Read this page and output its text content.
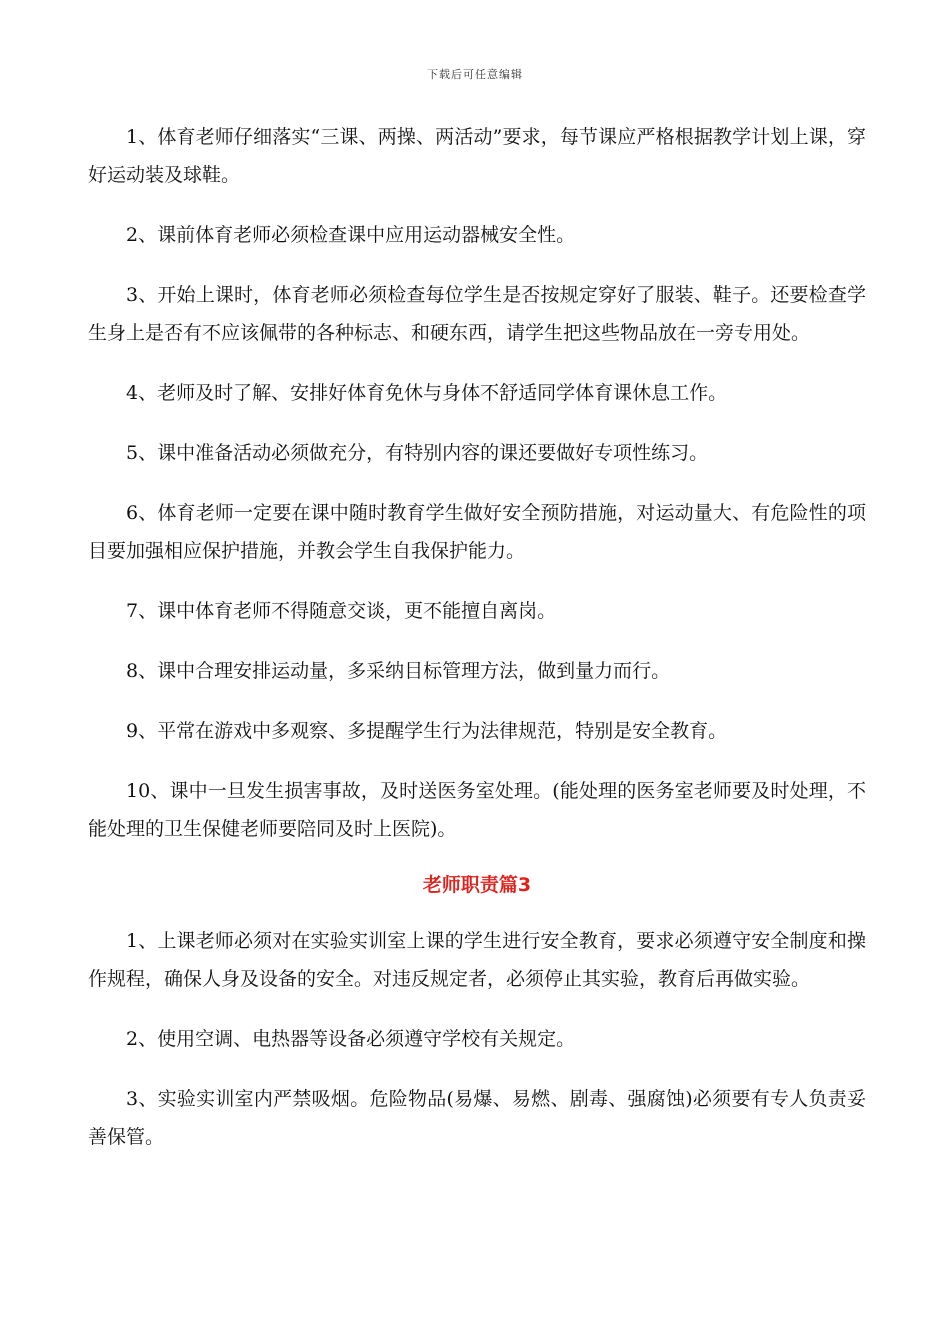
下载后可任意编辑

1、体育老师仔细落实“三课、两操、两活动”要求，每节课应严格根据教学计划上课，穿好运动装及球鞋。

2、课前体育老师必须检查课中应用运动器械安全性。

3、开始上课时，体育老师必须检查每位学生是否按规定穿好了服装、鞋子。还要检查学生身上是否有不应该佩带的各种标志、和硬东西，请学生把这些物品放在一旁专用处。

4、老师及时了解、安排好体育免休与身体不舒适同学体育课休息工作。

5、课中准备活动必须做充分，有特别内容的课还要做好专项性练习。

6、体育老师一定要在课中随时教育学生做好安全预防措施，对运动量大、有危险性的项目要加强相应保护措施，并教会学生自我保护能力。

7、课中体育老师不得随意交谈，更不能擅自离岗。

8、课中合理安排运动量，多采纳目标管理方法，做到量力而行。

9、平常在游戏中多观察、多提醒学生行为法律规范，特别是安全教育。

10、课中一旦发生损害事故，及时送医务室处理。(能处理的医务室老师要及时处理，不能处理的卫生保健老师要陪同及时上医院)。

老师职责篇3

1、上课老师必须对在实验实训室上课的学生进行安全教育，要求必须遵守安全制度和操作规程，确保人身及设备的安全。对违反规定者，必须停止其实验，教育后再做实验。

2、使用空调、电热器等设备必须遵守学校有关规定。

3、实验实训室内严禁吸烟。危险物品(易爆、易燃、剧毒、强腐蚀)必须要有专人负责妥善保管。
